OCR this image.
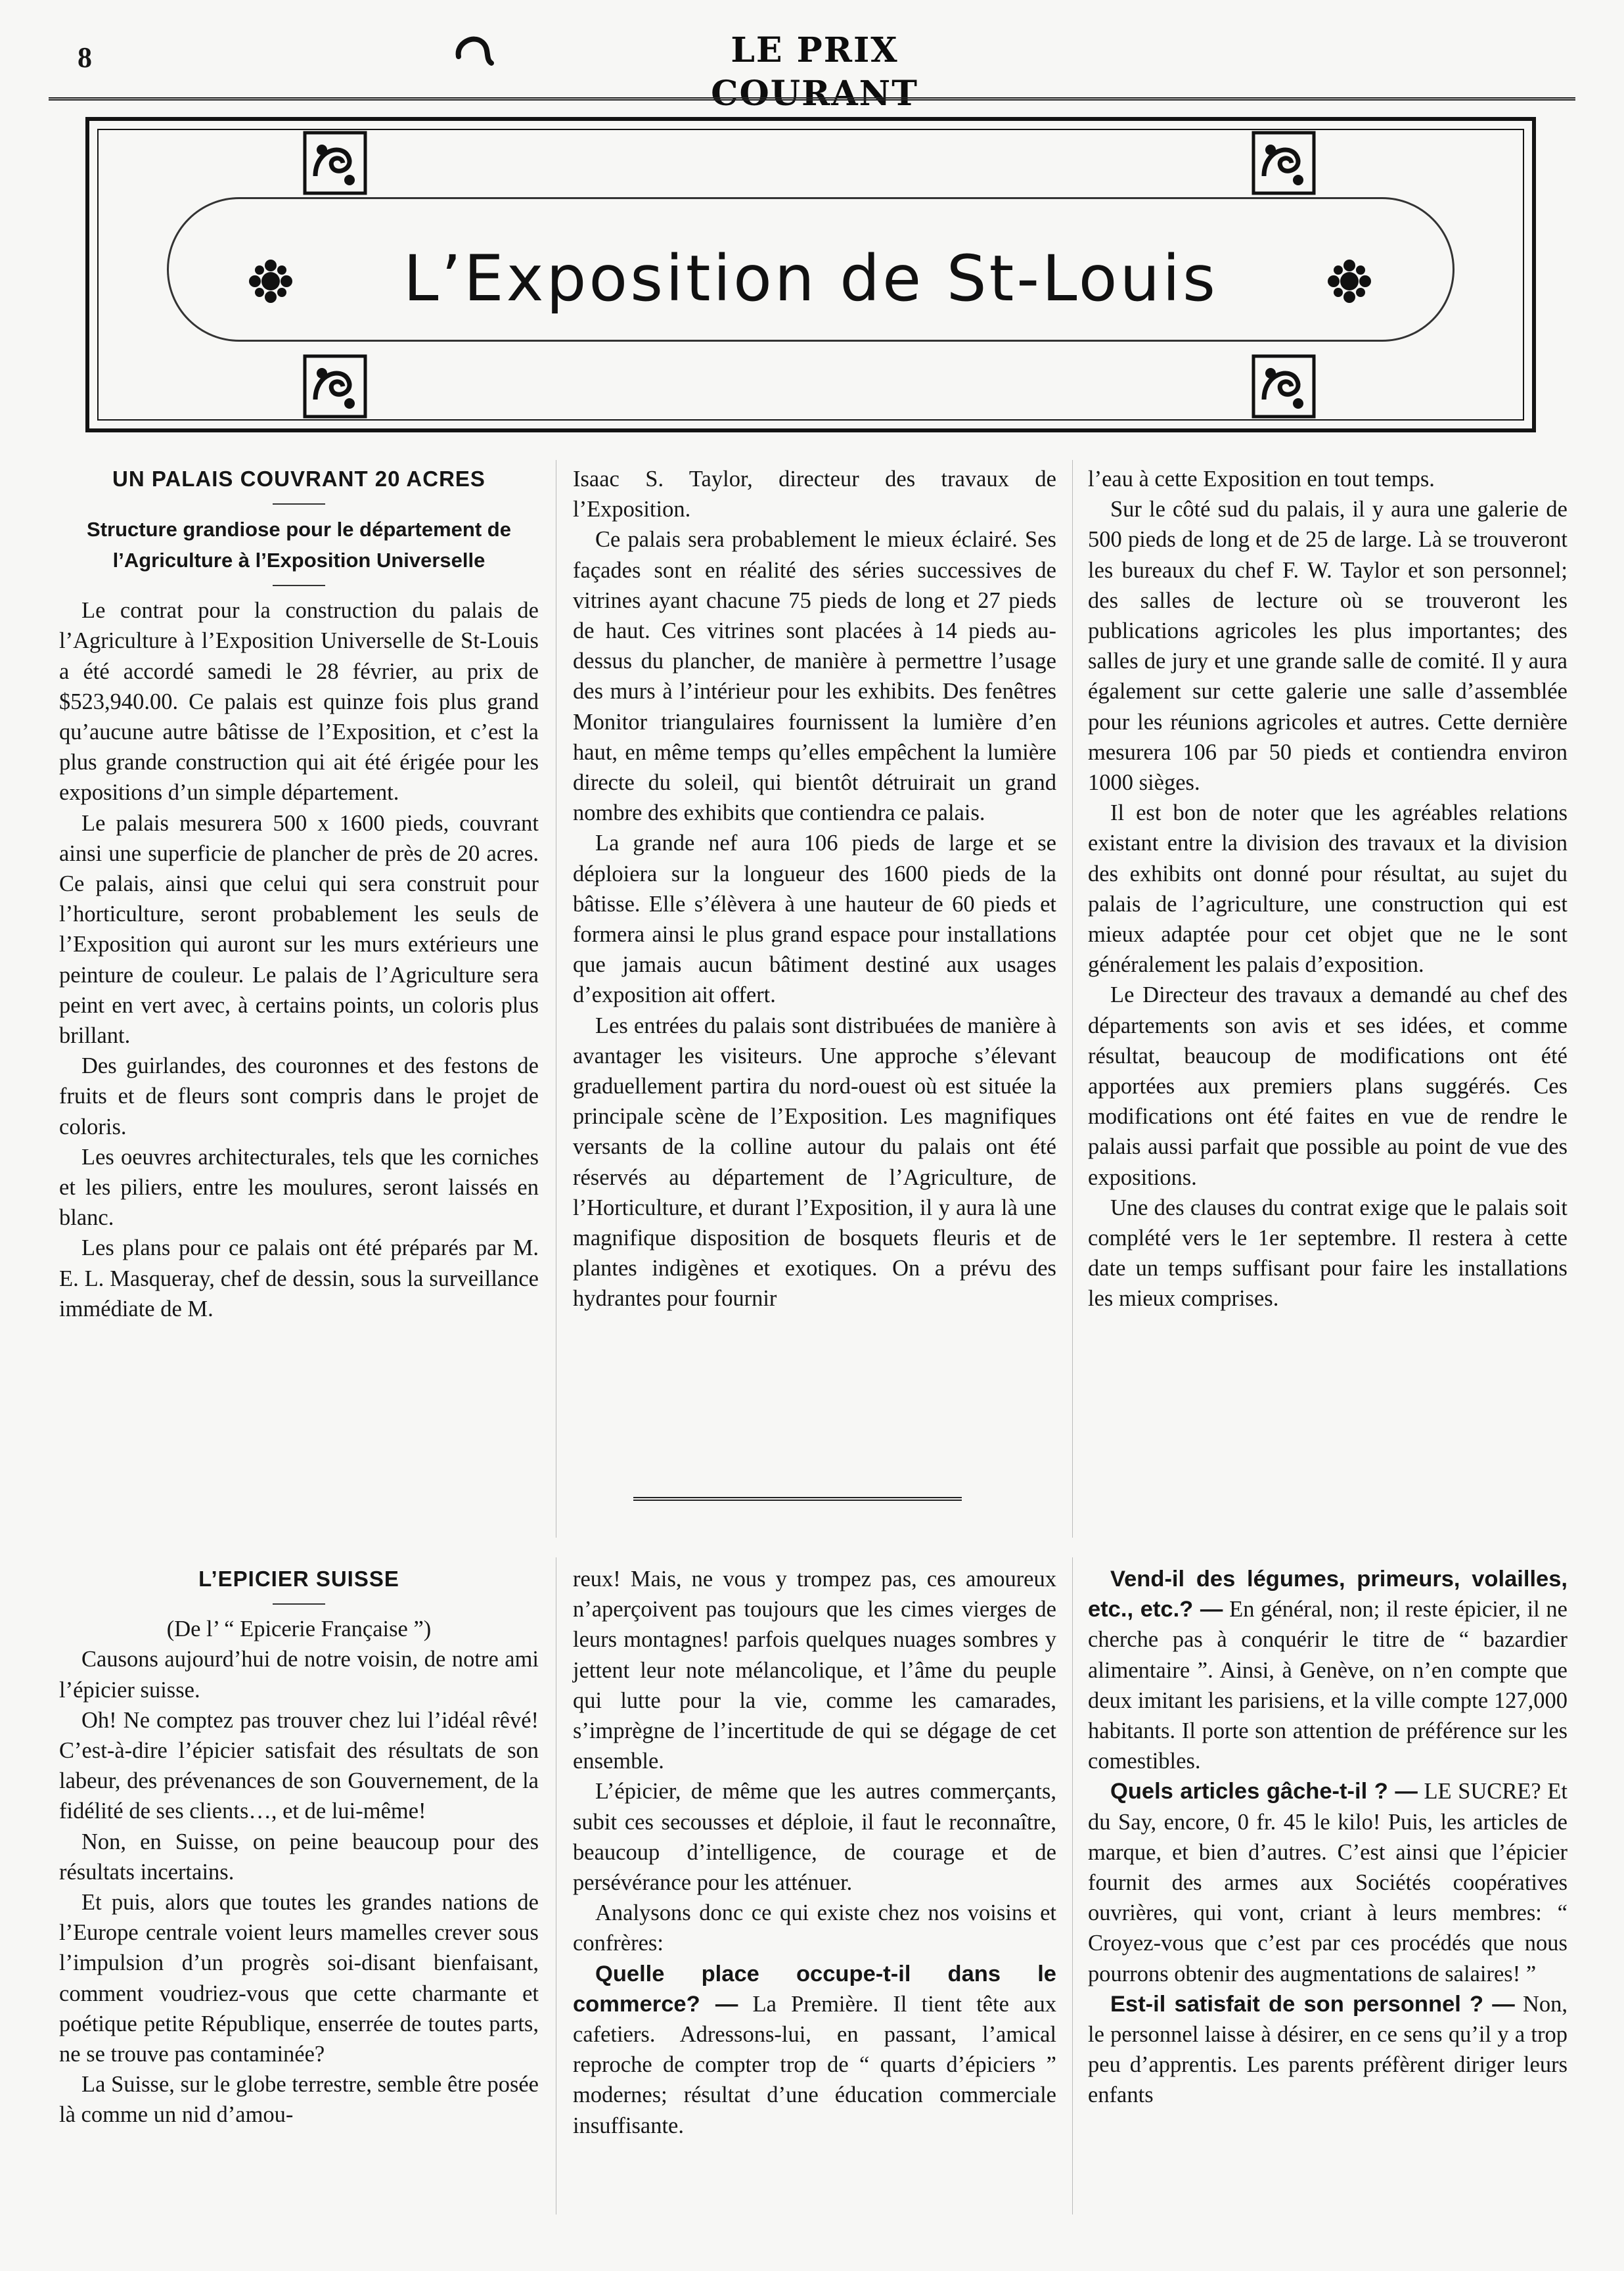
8	LE PRIX COURANT
L’Exposition de St-Louis
UN PALAIS COUVRANT 20 ACRES
Structure grandiose pour le département de l’Agriculture à l’Exposition Universelle

Le contrat pour la construction du palais de l’Agriculture à l’Exposition Universelle de St-Louis a été accordé samedi le 28 février, au prix de $523,940.00. Ce palais est quinze fois plus grand qu’aucune autre bâtisse de l’Exposition, et c’est la plus grande construction qui ait été érigée pour les expositions d’un simple département.

Le palais mesurera 500 x 1600 pieds, couvrant ainsi une superficie de plancher de près de 20 acres. Ce palais, ainsi que celui qui sera construit pour l’horticulture, seront probablement les seuls de l’Exposition qui auront sur les murs extérieurs une peinture de couleur. Le palais de l’Agriculture sera peint en vert avec, à certains points, un coloris plus brillant.

Des guirlandes, des couronnes et des festons de fruits et de fleurs sont compris dans le projet de coloris.

Les oeuvres architecturales, tels que les corniches et les piliers, entre les moulures, seront laissés en blanc.

Les plans pour ce palais ont été préparés par M. E. L. Masqueray, chef de dessin, sous la surveillance immédiate de M.

Isaac S. Taylor, directeur des travaux de l’Exposition.

Ce palais sera probablement le mieux éclairé. Ses façades sont en réalité des séries successives de vitrines ayant chacune 75 pieds de long et 27 pieds de haut. Ces vitrines sont placées à 14 pieds au-dessus du plancher, de manière à permettre l’usage des murs à l’intérieur pour les exhibits. Des fenêtres Monitor triangulaires fournissent la lumière d’en haut, en même temps qu’elles empêchent la lumière directe du soleil, qui bientôt détruirait un grand nombre des exhibits que contiendra ce palais.

La grande nef aura 106 pieds de large et se déploiera sur la longueur des 1600 pieds de la bâtisse. Elle s’élèvera à une hauteur de 60 pieds et formera ainsi le plus grand espace pour installations que jamais aucun bâtiment destiné aux usages d’exposition ait offert.

Les entrées du palais sont distribuées de manière à avantager les visiteurs. Une approche s’élevant graduellement partira du nord-ouest où est située la principale scène de l’Exposition. Les magnifiques versants de la colline autour du palais ont été réservés au département de l’Agriculture, de l’Horticulture, et durant l’Exposition, il y aura là une magnifique disposition de bosquets fleuris et de plantes indigènes et exotiques. On a prévu des hydrantes pour fournir

l’eau à cette Exposition en tout temps.

Sur le côté sud du palais, il y aura une galerie de 500 pieds de long et de 25 de large. Là se trouveront les bureaux du chef F. W. Taylor et son personnel; des salles de lecture où se trouveront les publications agricoles les plus importantes; des salles de jury et une grande salle de comité. Il y aura également sur cette galerie une salle d’assemblée pour les réunions agricoles et autres. Cette dernière mesurera 106 par 50 pieds et contiendra environ 1000 sièges.

Il est bon de noter que les agréables relations existant entre la division des travaux et la division des exhibits ont donné pour résultat, au sujet du palais de l’agriculture, une construction qui est mieux adaptée pour cet objet que ne le sont généralement les palais d’exposition.

Le Directeur des travaux a demandé au chef des départements son avis et ses idées, et comme résultat, beaucoup de modifications ont été apportées aux premiers plans suggérés. Ces modifications ont été faites en vue de rendre le palais aussi parfait que possible au point de vue des expositions.

Une des clauses du contrat exige que le palais soit complété vers le 1er septembre. Il restera à cette date un temps suffisant pour faire les installations les mieux comprises.

L’EPICIER SUISSE

(De l’ “ Epicerie Française ”)

Causons aujourd’hui de notre voisin, de notre ami l’épicier suisse.

Oh! Ne comptez pas trouver chez lui l’idéal rêvé! C’est-à-dire l’épicier satisfait des résultats de son labeur, des prévenances de son Gouvernement, de la fidélité de ses clients…, et de lui-même!

Non, en Suisse, on peine beaucoup pour des résultats incertains.

Et puis, alors que toutes les grandes nations de l’Europe centrale voient leurs mamelles crever sous l’impulsion d’un progrès soi-disant bienfaisant, comment voudriez-vous que cette charmante et poétique petite République, enserrée de toutes parts, ne se trouve pas contaminée?

La Suisse, sur le globe terrestre, semble être posée là comme un nid d’amou-

reux! Mais, ne vous y trompez pas, ces amoureux n’aperçoivent pas toujours que les cimes vierges de leurs montagnes! parfois quelques nuages sombres y jettent leur note mélancolique, et l’âme du peuple qui lutte pour la vie, comme les camarades, s’imprègne de l’incertitude de qui se dégage de cet ensemble.

L’épicier, de même que les autres commerçants, subit ces secousses et déploie, il faut le reconnaître, beaucoup d’intelligence, de courage et de persévérance pour les atténuer.

Analysons donc ce qui existe chez nos voisins et confrères:

Quelle place occupe-t-il dans le commerce? — La Première. Il tient tête aux cafetiers. Adressons-lui, en passant, l’amical reproche de compter trop de “ quarts d’épiciers ” modernes; résultat d’une éducation commerciale insuffisante.

Vend-il des légumes, primeurs, volailles, etc., etc.? — En général, non; il reste épicier, il ne cherche pas à conquérir le titre de “ bazardier alimentaire ”. Ainsi, à Genève, on n’en compte que deux imitant les parisiens, et la ville compte 127,000 habitants. Il porte son attention de préférence sur les comestibles.

Quels articles gâche-t-il ? — LE SUCRE? Et du Say, encore, 0 fr. 45 le kilo! Puis, les articles de marque, et bien d’autres. C’est ainsi que l’épicier fournit des armes aux Sociétés coopératives ouvrières, qui vont, criant à leurs membres: “ Croyez-vous que c’est par ces procédés que nous pourrons obtenir des augmentations de salaires! ”

Est-il satisfait de son personnel ? — Non, le personnel laisse à désirer, en ce sens qu’il y a trop peu d’apprentis. Les parents préfèrent diriger leurs enfants
